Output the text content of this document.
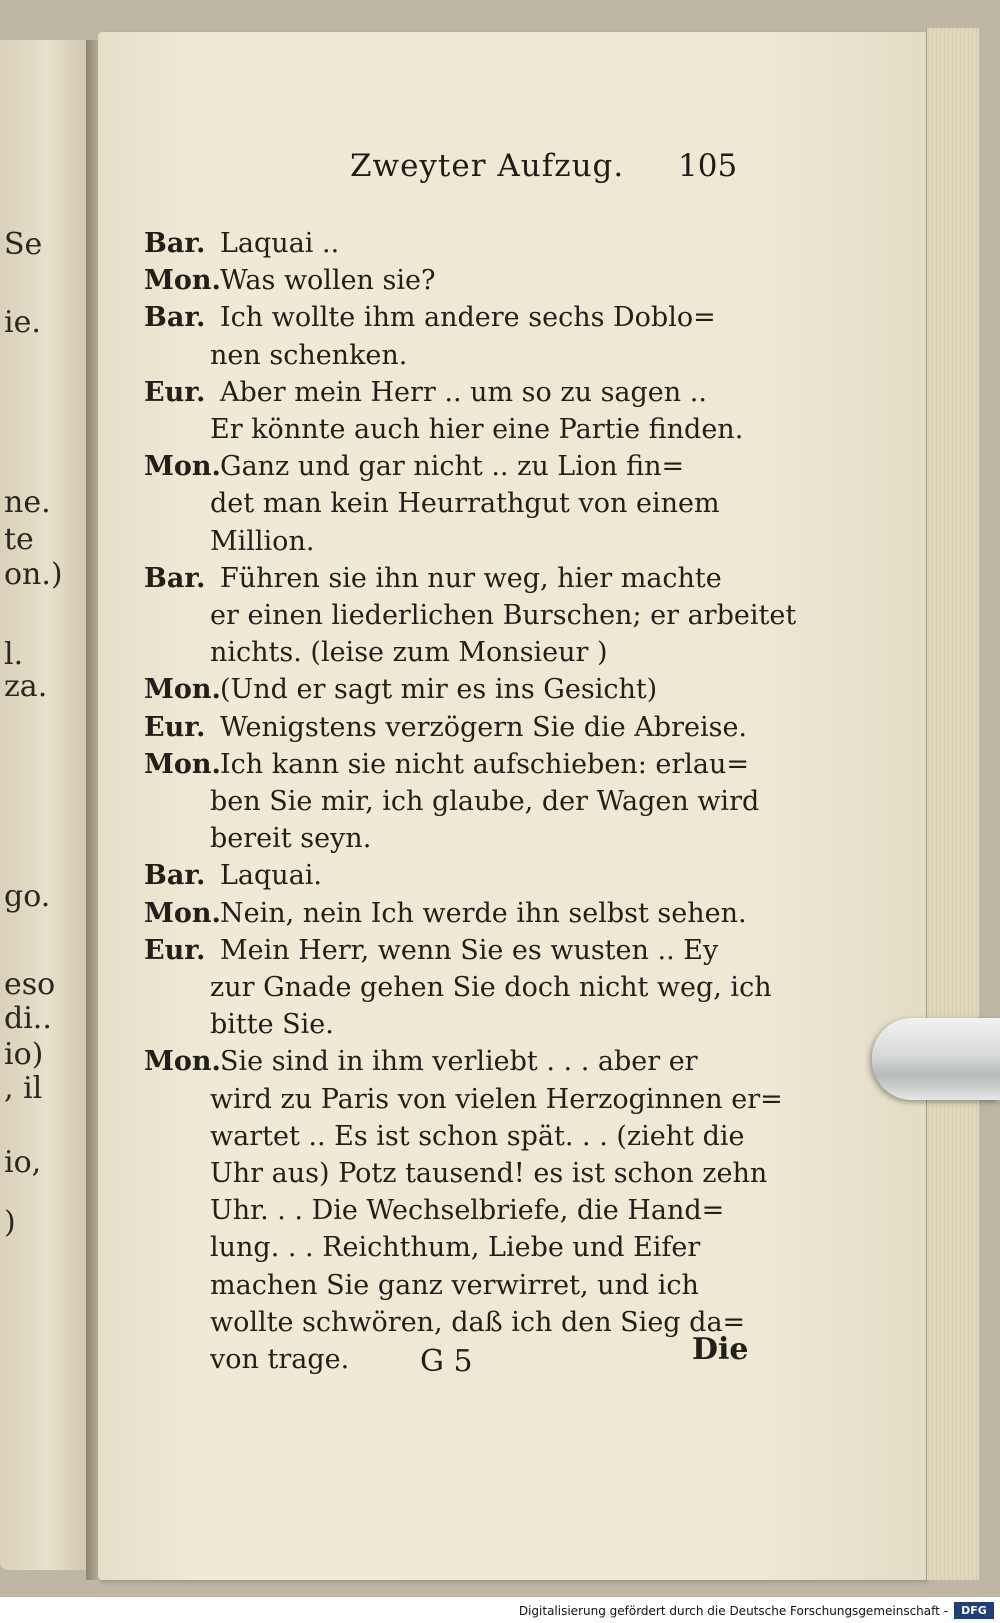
Se
ie.
ne.
te
on.)
l.
za.
go.
eso
di..
io)
, il
io,
)
Zweyter Aufzug. 105
Bar. Laquai ..
Mon.Was wollen sie?
Bar. Ich wollte ihm andere sechs Doblo=
nen schenken.
Eur. Aber mein Herr .. um so zu sagen ..
Er könnte auch hier eine Partie finden.
Mon.Ganz und gar nicht .. zu Lion fin=
det man kein Heurrathgut von einem
Million.
Bar. Führen sie ihn nur weg, hier machte
er einen liederlichen Burschen; er arbeitet
nichts. (leise zum Monsieur )
Mon.(Und er sagt mir es ins Gesicht)
Eur. Wenigstens verzögern Sie die Abreise.
Mon.Ich kann sie nicht aufschieben: erlau=
ben Sie mir, ich glaube, der Wagen wird
bereit seyn.
Bar. Laquai.
Mon.Nein, nein Ich werde ihn selbst sehen.
Eur. Mein Herr, wenn Sie es wusten .. Ey
zur Gnade gehen Sie doch nicht weg, ich
bitte Sie.
Mon.Sie sind in ihm verliebt . . . aber er
wird zu Paris von vielen Herzoginnen er=
wartet .. Es ist schon spät. . . (zieht die
Uhr aus) Potz tausend! es ist schon zehn
Uhr. . . Die Wechselbriefe, die Hand=
lung. . . Reichthum, Liebe und Eifer
machen Sie ganz verwirret, und ich
wollte schwören, daß ich den Sieg da=
von trage. G 5	Die
Digitalisierung gefördert durch die Deutsche Forschungsgemeinschaft -	DFG
